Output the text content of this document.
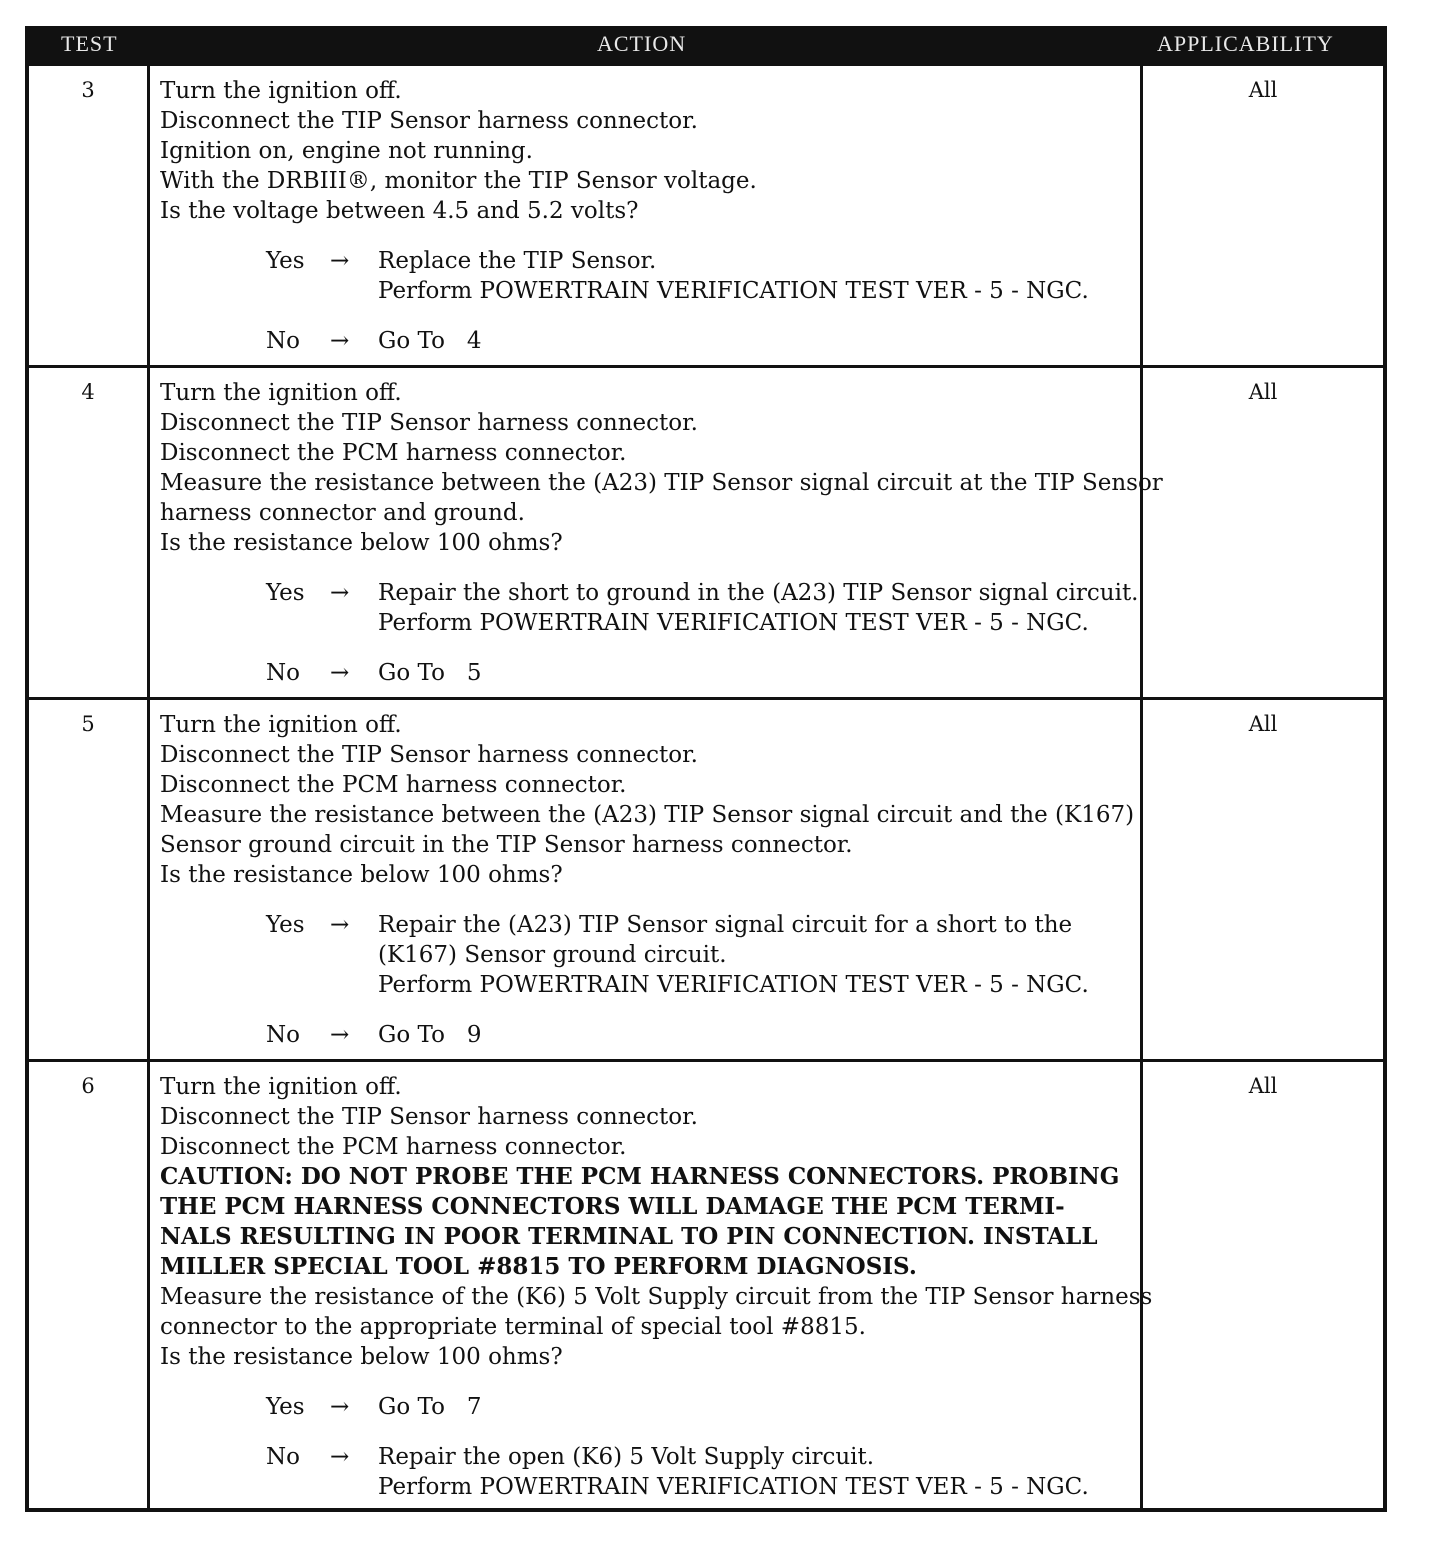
TEST	ACTION	APPLICABILITY
3	Turn the ignition off.
Disconnect the TIP Sensor harness connector.
Ignition on, engine not running.
With the DRBIII®, monitor the TIP Sensor voltage.
Is the voltage between 4.5 and 5.2 volts?
Yes	→	Replace the TIP Sensor.
Perform POWERTRAIN VERIFICATION TEST VER - 5 - NGC.
No	→	Go To   4
All
4	Turn the ignition off.
Disconnect the TIP Sensor harness connector.
Disconnect the PCM harness connector.
Measure the resistance between the (A23) TIP Sensor signal circuit at the TIP Sensor
harness connector and ground.
Is the resistance below 100 ohms?
Yes	→	Repair the short to ground in the (A23) TIP Sensor signal circuit.
Perform POWERTRAIN VERIFICATION TEST VER - 5 - NGC.
No	→	Go To   5
All
5	Turn the ignition off.
Disconnect the TIP Sensor harness connector.
Disconnect the PCM harness connector.
Measure the resistance between the (A23) TIP Sensor signal circuit and the (K167)
Sensor ground circuit in the TIP Sensor harness connector.
Is the resistance below 100 ohms?
Yes	→	Repair the (A23) TIP Sensor signal circuit for a short to the
(K167) Sensor ground circuit.
Perform POWERTRAIN VERIFICATION TEST VER - 5 - NGC.
No	→	Go To   9
All
6	Turn the ignition off.
Disconnect the TIP Sensor harness connector.
Disconnect the PCM harness connector.
CAUTION: DO NOT PROBE THE PCM HARNESS CONNECTORS. PROBING
THE PCM HARNESS CONNECTORS WILL DAMAGE THE PCM TERMI-
NALS RESULTING IN POOR TERMINAL TO PIN CONNECTION. INSTALL
MILLER SPECIAL TOOL #8815 TO PERFORM DIAGNOSIS.
Measure the resistance of the (K6) 5 Volt Supply circuit from the TIP Sensor harness
connector to the appropriate terminal of special tool #8815.
Is the resistance below 100 ohms?
Yes	→	Go To   7
No	→	Repair the open (K6) 5 Volt Supply circuit.
Perform POWERTRAIN VERIFICATION TEST VER - 5 - NGC.
All
